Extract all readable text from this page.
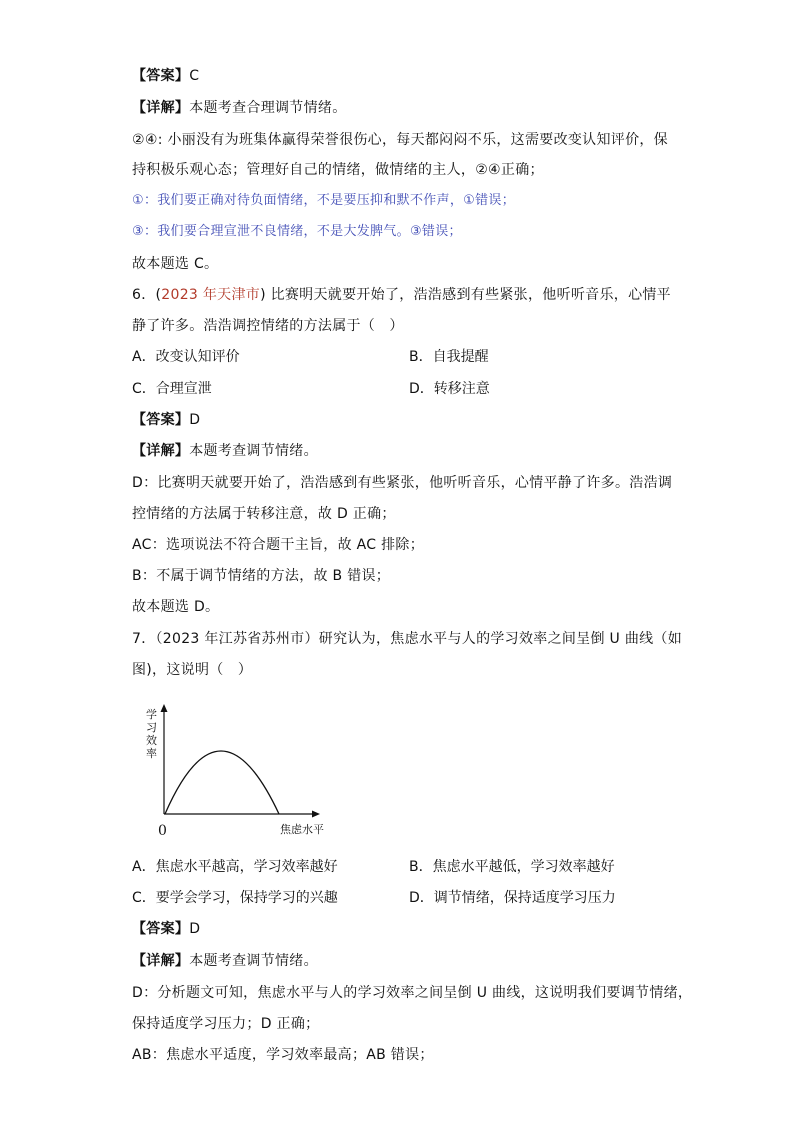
【答案】C
【详解】本题考查合理调节情绪。
②④: 小丽没有为班集体赢得荣誉很伤心，每天都闷闷不乐，这需要改变认知评价，保
持积极乐观心态；管理好自己的情绪，做情绪的主人，②④正确；
①：我们要正确对待负面情绪，不是要压抑和默不作声，①错误；
③：我们要合理宣泄不良情绪，不是大发脾气。③错误；
故本题选 C。
6．(2023 年天津市) 比赛明天就要开始了，浩浩感到有些紧张，他听听音乐，心情平
静了许多。浩浩调控情绪的方法属于（　）
A．改变认知评价	B．自我提醒
C．合理宣泄	D．转移注意
【答案】D
【详解】本题考查调节情绪。
D：比赛明天就要开始了，浩浩感到有些紧张，他听听音乐，心情平静了许多。浩浩调
控情绪的方法属于转移注意，故 D 正确；
AC：选项说法不符合题干主旨，故 AC 排除；
B：不属于调节情绪的方法，故 B 错误；
故本题选 D。
7．（2023 年江苏省苏州市）研究认为，焦虑水平与人的学习效率之间呈倒 U 曲线（如
图)，这说明（　）
学
习
效
率
0	焦虑水平
A．焦虑水平越高，学习效率越好	B．焦虑水平越低，学习效率越好
C．要学会学习，保持学习的兴趣	D．调节情绪，保持适度学习压力
【答案】D
【详解】本题考查调节情绪。
D：分析题文可知，焦虑水平与人的学习效率之间呈倒 U 曲线，这说明我们要调节情绪，
保持适度学习压力；D 正确；
AB：焦虑水平适度，学习效率最高；AB 错误；
